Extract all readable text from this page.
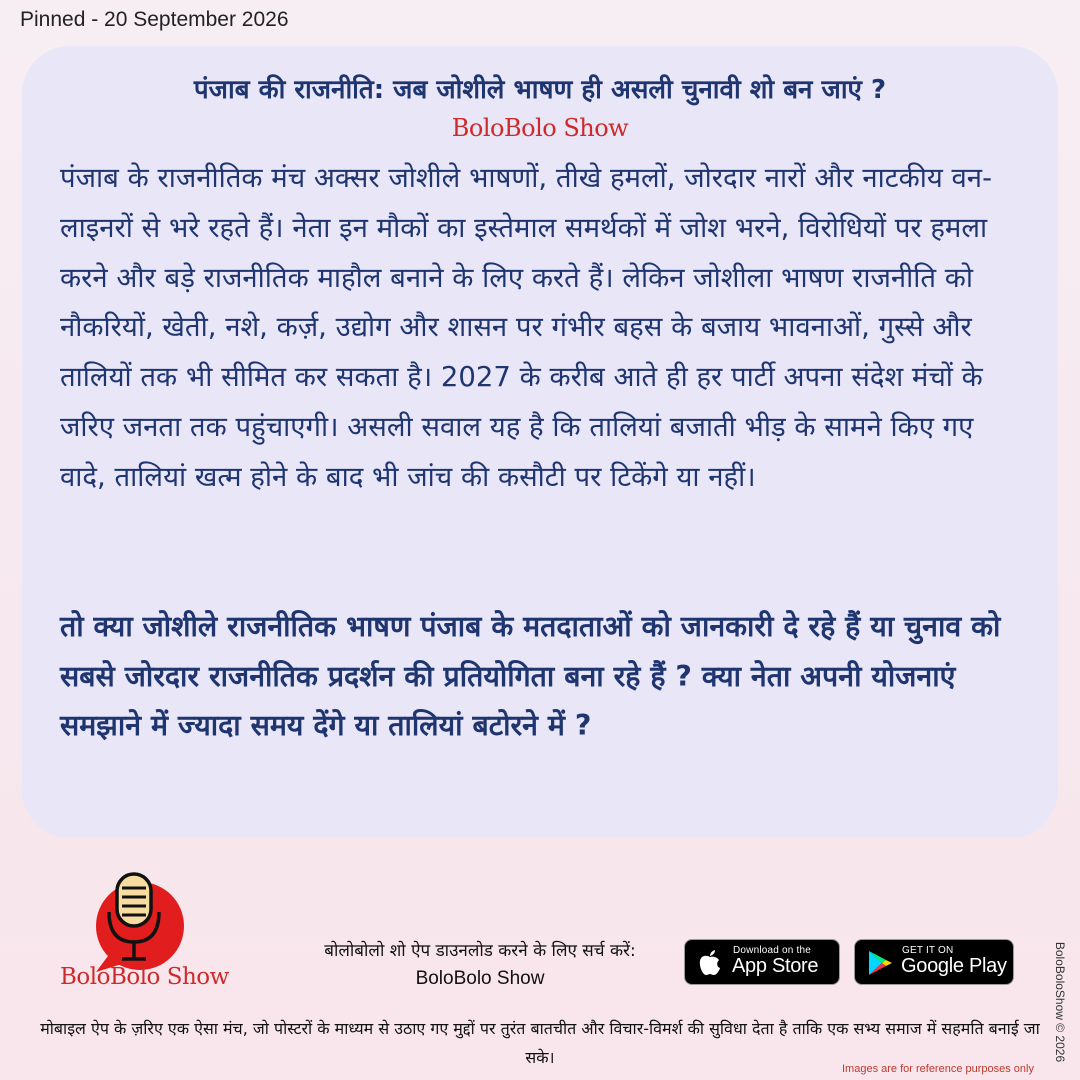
Pinned - 20 September 2026
पंजाब की राजनीति: जब जोशीले भाषण ही असली चुनावी शो बन जाएं ?
BoloBolo Show
पंजाब के राजनीतिक मंच अक्सर जोशीले भाषणों, तीखे हमलों, जोरदार नारों और नाटकीय वन-लाइनरों से भरे रहते हैं। नेता इन मौकों का इस्तेमाल समर्थकों में जोश भरने, विरोधियों पर हमला करने और बड़े राजनीतिक माहौल बनाने के लिए करते हैं। लेकिन जोशीला भाषण राजनीति को नौकरियों, खेती, नशे, कर्ज़, उद्योग और शासन पर गंभीर बहस के बजाय भावनाओं, गुस्से और तालियों तक भी सीमित कर सकता है। 2027 के करीब आते ही हर पार्टी अपना संदेश मंचों के जरिए जनता तक पहुंचाएगी। असली सवाल यह है कि तालियां बजाती भीड़ के सामने किए गए वादे, तालियां खत्म होने के बाद भी जांच की कसौटी पर टिकेंगे या नहीं।
तो क्या जोशीले राजनीतिक भाषण पंजाब के मतदाताओं को जानकारी दे रहे हैं या चुनाव को सबसे जोरदार राजनीतिक प्रदर्शन की प्रतियोगिता बना रहे हैं ? क्या नेता अपनी योजनाएं समझाने में ज्यादा समय देंगे या तालियां बटोरने में ?
BoloBolo Show
बोलोबोलो शो ऐप डाउनलोड करने के लिए सर्च करें:
BoloBolo Show
Download on the
App Store
GET IT ON
Google Play
मोबाइल ऐप के ज़रिए एक ऐसा मंच, जो पोस्टरों के माध्यम से उठाए गए मुद्दों पर तुरंत बातचीत और विचार-विमर्श की सुविधा देता है ताकि एक सभ्य समाज में सहमति बनाई जा सके।
Images are for reference purposes only
BoloBoloShow © 2026
